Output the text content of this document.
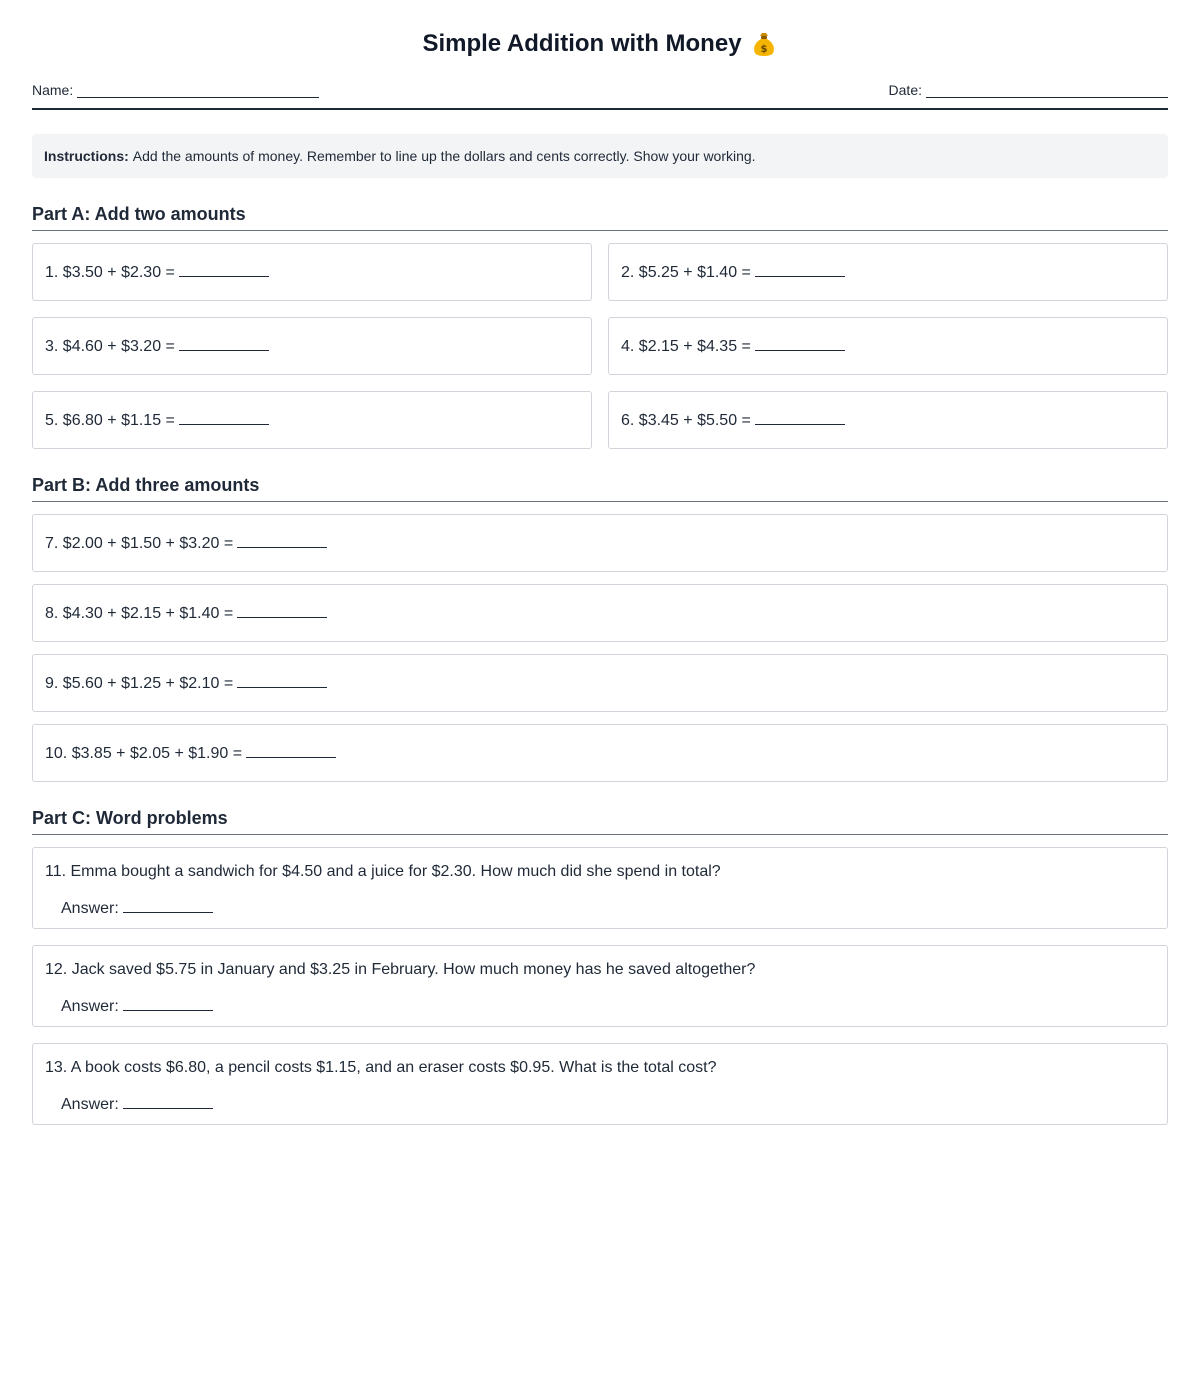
Simple Addition with Money $
Name:	Date:
Instructions: Add the amounts of money. Remember to line up the dollars and cents correctly. Show your working.
Part A: Add two amounts
1. $3.50 + $2.30 =	2. $5.25 + $1.40 =
3. $4.60 + $3.20 =	4. $2.15 + $4.35 =
5. $6.80 + $1.15 =	6. $3.45 + $5.50 =
Part B: Add three amounts
7. $2.00 + $1.50 + $3.20 =
8. $4.30 + $2.15 + $1.40 =
9. $5.60 + $1.25 + $2.10 =
10. $3.85 + $2.05 + $1.90 =
Part C: Word problems
11. Emma bought a sandwich for $4.50 and a juice for $2.30. How much did she spend in total?
Answer:
12. Jack saved $5.75 in January and $3.25 in February. How much money has he saved altogether?
Answer:
13. A book costs $6.80, a pencil costs $1.15, and an eraser costs $0.95. What is the total cost?
Answer:
